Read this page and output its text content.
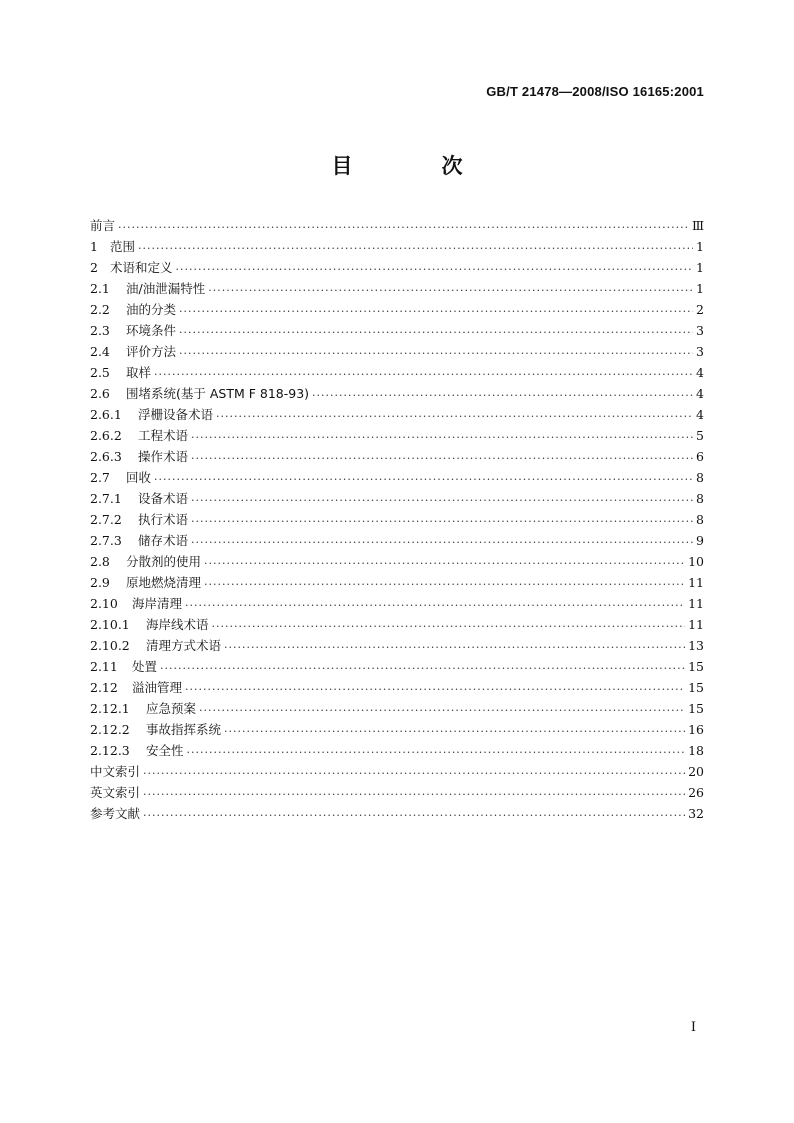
GB/T 21478—2008/ISO 16165:2001
目　次
前言 ·····	Ⅲ
1 范围 ·····	1
2 术语和定义 ·····	1
2.1	油/油泄漏特性 ·····	1
2.2	油的分类 ·····	2
2.3	环境条件 ·····	3
2.4	评价方法 ·····	3
2.5	取样 ·····	4
2.6	围堵系统(基于 ASTM F 818-93) ·····	4
2.6.1	浮栅设备术语 ·····	4
2.6.2	工程术语 ·····	5
2.6.3	操作术语 ·····	6
2.7	回收 ·····	8
2.7.1	设备术语 ·····	8
2.7.2	执行术语 ·····	8
2.7.3	储存术语 ·····	9
2.8	分散剂的使用 ·····	10
2.9	原地燃烧清理 ·····	11
2.10	海岸清理 ·····	11
2.10.1	海岸线术语 ·····	11
2.10.2	清理方式术语 ·····	13
2.11	处置 ·····	15
2.12	溢油管理 ·····	15
2.12.1	应急预案 ·····	15
2.12.2	事故指挥系统 ·····	16
2.12.3	安全性 ·····	18
中文索引 ·····	20
英文索引 ·····	26
参考文献 ·····	32
I
